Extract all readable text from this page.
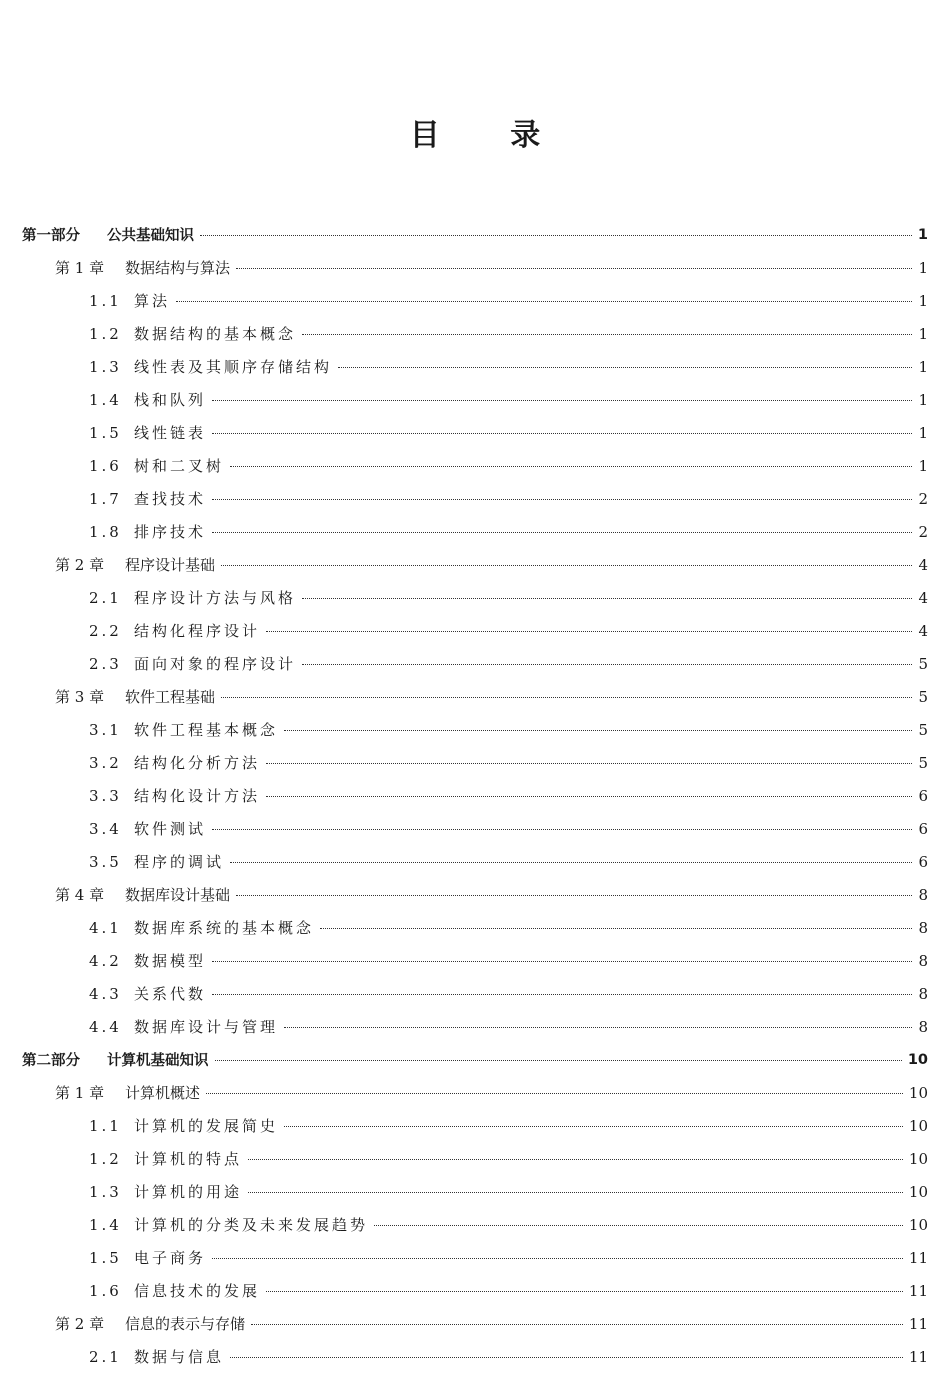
目 录
第一部分	公共基础知识	1
第 1 章	数据结构与算法	1
1.1 算法	1
1.2 数据结构的基本概念	1
1.3 线性表及其顺序存储结构	1
1.4 栈和队列	1
1.5 线性链表	1
1.6 树和二叉树	1
1.7 查找技术	2
1.8 排序技术	2
第 2 章	程序设计基础	4
2.1 程序设计方法与风格	4
2.2 结构化程序设计	4
2.3 面向对象的程序设计	5
第 3 章	软件工程基础	5
3.1 软件工程基本概念	5
3.2 结构化分析方法	5
3.3 结构化设计方法	6
3.4 软件测试	6
3.5 程序的调试	6
第 4 章	数据库设计基础	8
4.1 数据库系统的基本概念	8
4.2 数据模型	8
4.3 关系代数	8
4.4 数据库设计与管理	8
第二部分	计算机基础知识	10
第 1 章	计算机概述	10
1.1 计算机的发展简史	10
1.2 计算机的特点	10
1.3 计算机的用途	10
1.4 计算机的分类及未来发展趋势	10
1.5 电子商务	11
1.6 信息技术的发展	11
第 2 章	信息的表示与存储	11
2.1 数据与信息	11
